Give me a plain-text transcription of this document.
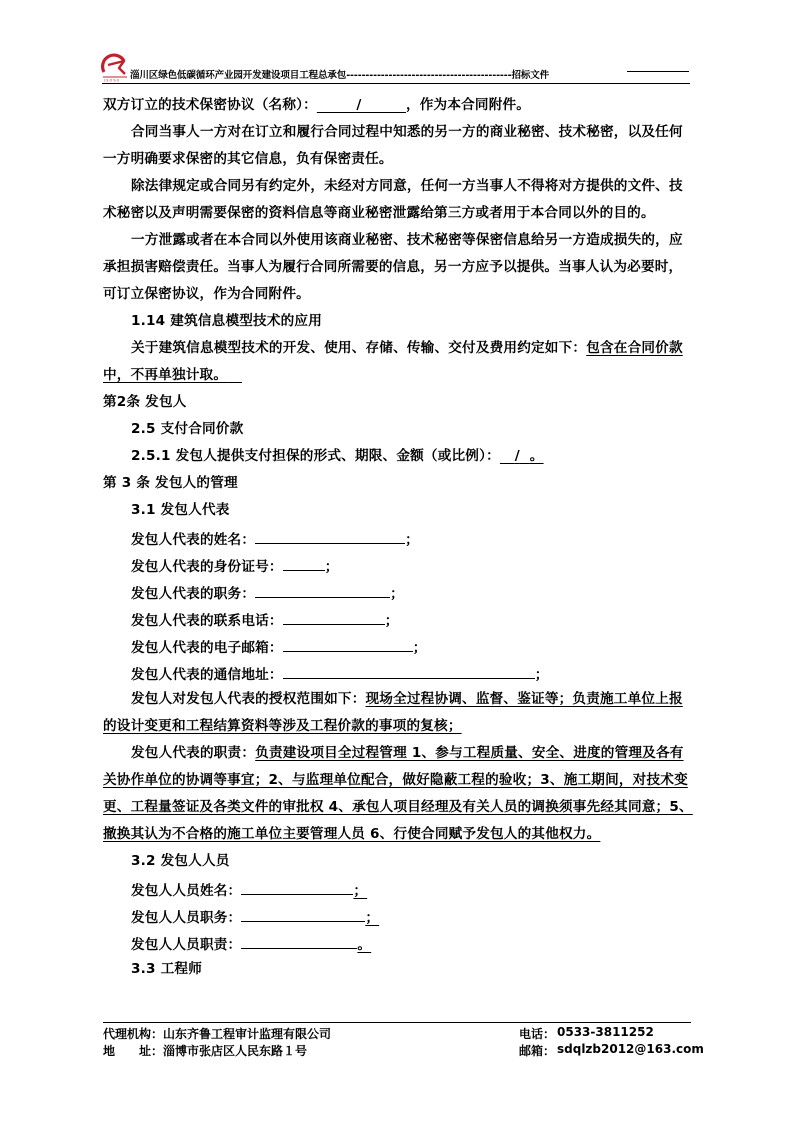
I S O 9 0 淄川区绿色低碳循环产业园开发建设项目工程总承包-------------------------------------------招标文件
双方订立的技术保密协议（名称）：	/	，作为本合同附件。
合同当事人一方对在订立和履行合同过程中知悉的另一方的商业秘密、技术秘密，以及任何
一方明确要求保密的其它信息，负有保密责任。
除法律规定或合同另有约定外，未经对方同意，任何一方当事人不得将对方提供的文件、技
术秘密以及声明需要保密的资料信息等商业秘密泄露给第三方或者用于本合同以外的目的。
一方泄露或者在本合同以外使用该商业秘密、技术秘密等保密信息给另一方造成损失的，应
承担损害赔偿责任。当事人为履行合同所需要的信息，另一方应予以提供。当事人认为必要时，
可订立保密协议，作为合同附件。
1.14 建筑信息模型技术的应用
关于建筑信息模型技术的开发、使用、存储、传输、交付及费用约定如下：包含在合同价款
中，不再单独计取。
第2条 发包人
2.5 支付合同价款
2.5.1 发包人提供支付担保的形式、期限、金额（或比例）： / 。
第 3 条 发包人的管理
3.1 发包人代表
发包人代表的姓名：	；
发包人代表的身份证号：	；
发包人代表的职务：	；
发包人代表的联系电话：	；
发包人代表的电子邮箱：	；
发包人代表的通信地址：	；
发包人对发包人代表的授权范围如下：现场全过程协调、监督、鉴证等；负责施工单位上报
的设计变更和工程结算资料等涉及工程价款的事项的复核；
发包人代表的职责：负责建设项目全过程管理 1、参与工程质量、安全、进度的管理及各有
关协作单位的协调等事宜；2、与监理单位配合，做好隐蔽工程的验收；3、施工期间，对技术变
更、工程量签证及各类文件的审批权 4、承包人项目经理及有关人员的调换须事先经其同意；5、
撤换其认为不合格的施工单位主要管理人员 6、行使合同赋予发包人的其他权力。
3.2 发包人人员
发包人人员姓名：	；
发包人人员职务：	；
发包人人员职责：	。
3.3 工程师
代理机构： 山东齐鲁工程审计监理有限公司
地　　址： 淄博市张店区人民东路１号
电话： 0533-3811252
邮箱： sdqlzb2012@163.com
